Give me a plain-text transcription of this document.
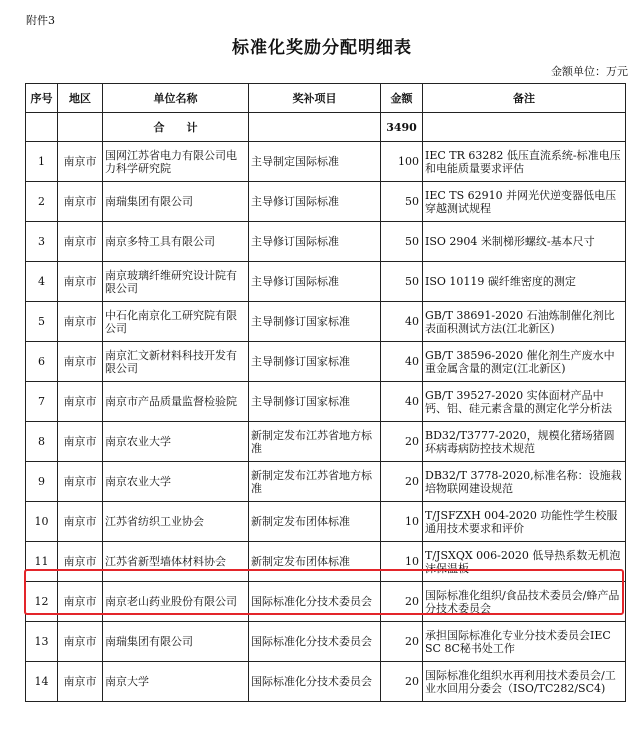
附件3
标准化奖励分配明细表
金额单位：万元
序号	地区	单位名称	奖补项目	金额	备注
		合　　计		3490	
1	南京市	国网江苏省电力有限公司电力科学研究院	主导制定国际标准	100	IEC TR 63282 低压直流系统-标准电压和电能质量要求评估
2	南京市	南瑞集团有限公司	主导修订国际标准	50	IEC TS 62910 并网光伏逆变器低电压穿越测试规程
3	南京市	南京多特工具有限公司	主导修订国际标准	50	ISO 2904 米制梯形螺纹-基本尺寸
4	南京市	南京玻璃纤维研究设计院有限公司	主导修订国际标准	50	ISO 10119 碳纤维密度的测定
5	南京市	中石化南京化工研究院有限公司	主导制修订国家标准	40	GB/T 38691-2020 石油炼制催化剂比表面积测试方法(江北新区)
6	南京市	南京汇文新材料科技开发有限公司	主导制修订国家标准	40	GB/T 38596-2020 催化剂生产废水中重金属含量的测定(江北新区)
7	南京市	南京市产品质量监督检验院	主导制修订国家标准	40	GB/T 39527-2020 实体面材产品中钙、铝、硅元素含量的测定化学分析法
8	南京市	南京农业大学	新制定发布江苏省地方标准	20	BD32/T3777-2020，规模化猪场猪圆环病毒病防控技术规范
9	南京市	南京农业大学	新制定发布江苏省地方标准	20	DB32/T 3778-2020,标准名称：设施栽培物联网建设规范
10	南京市	江苏省纺织工业协会	新制定发布团体标准	10	T/JSFZXH 004-2020 功能性学生校服通用技术要求和评价
11	南京市	江苏省新型墙体材料协会	新制定发布团体标准	10	T/JSXQX 006-2020 低导热系数无机泡沫保温板
12	南京市	南京老山药业股份有限公司	国际标准化分技术委员会	20	国际标准化组织/食品技术委员会/蜂产品分技术委员会
13	南京市	南瑞集团有限公司	国际标准化分技术委员会	20	承担国际标准化专业分技术委员会IEC SC 8C秘书处工作
14	南京市	南京大学	国际标准化分技术委员会	20	国际标准化组织水再利用技术委员会/工业水回用分委会（ISO/TC282/SC4)
